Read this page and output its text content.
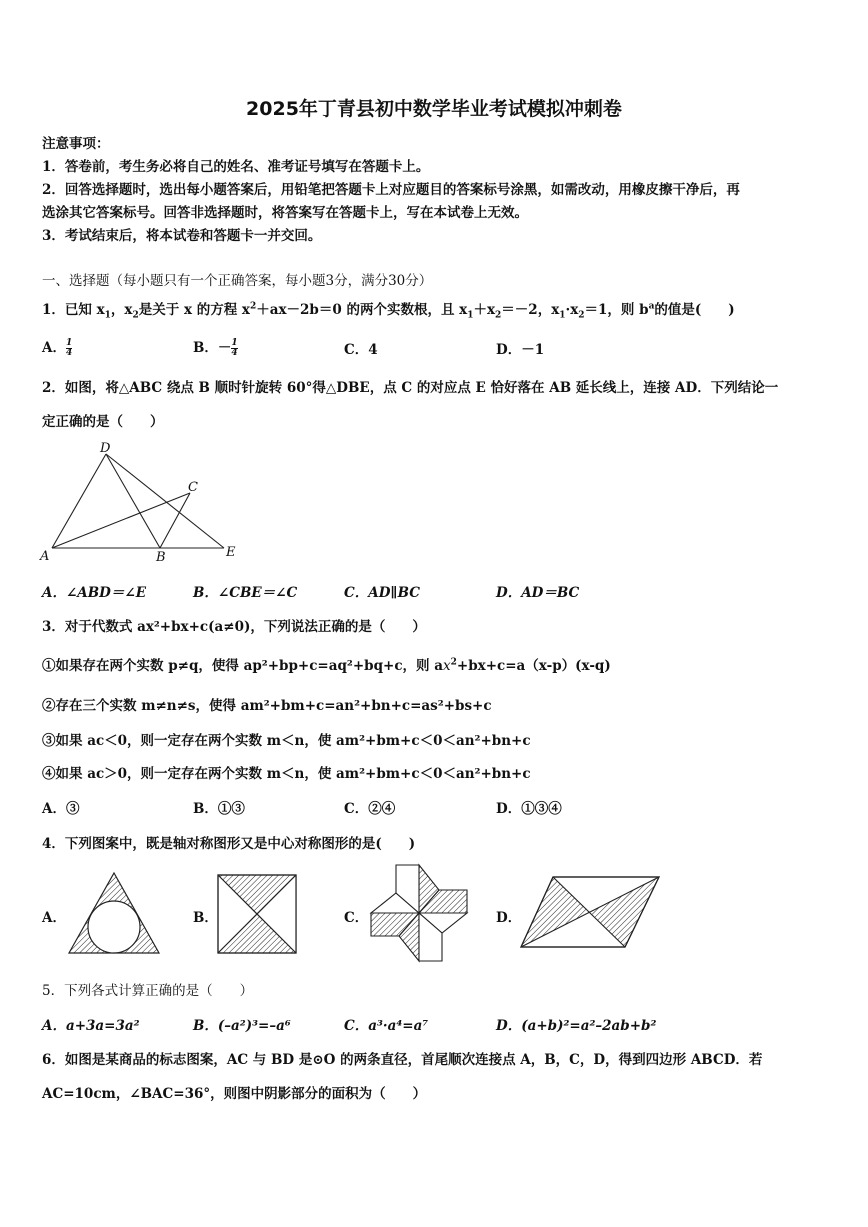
2025年丁青县初中数学毕业考试模拟冲刺卷
注意事项：
1．答卷前，考生务必将自己的姓名、准考证号填写在答题卡上。
2．回答选择题时，选出每小题答案后，用铅笔把答题卡上对应题目的答案标号涂黑，如需改动，用橡皮擦干净后，再
选涂其它答案标号。回答非选择题时，将答案写在答题卡上，写在本试卷上无效。
3．考试结束后，将本试卷和答题卡一并交回。
一、选择题（每小题只有一个正确答案，每小题3分，满分30分）
1．已知 $x_1$，$x_2$是关于 x 的方程 $x^2+ax-2b=0$ 的两个实数根，且 $x_1+x_2=-2$，$x_1\cdot x_2=1$，则 $b^a$的值是(　　)
A． $\frac{1}{4}$	B．－ $\frac{1}{4}$	C．4	D．－1
2．如图，将△ABC 绕点 B 顺时针旋转 60°得△DBE，点 C 的对应点 E 恰好落在 AB 延长线上，连接 AD．下列结论一
定正确的是（　　）
D
C
A	B	E
A．∠ABD＝∠E	B．∠CBE＝∠C	C．AD∥BC	D．AD＝BC
3．对于代数式 ax²+bx+c(a≠0)，下列说法正确的是（　　）
①如果存在两个实数 p≠q，使得 ap²+bp+c=aq²+bq+c，则 $ax^2+bx+c=a(x-p)(x-q)$
②存在三个实数 m≠n≠s，使得 am²+bm+c=an²+bn+c=as²+bs+c
③如果 ac＜0，则一定存在两个实数 m＜n，使 am²+bm+c＜0＜an²+bn+c
④如果 ac＞0，则一定存在两个实数 m＜n，使 am²+bm+c＜0＜an²+bn+c
A．③	B．①③	C．②④	D．①③④
4．下列图案中，既是轴对称图形又是中心对称图形的是(　　)
A．	B．	C．	D．
5．下列各式计算正确的是（　　）
A．a+3a=3a²	B．(–a²)³=–a⁶	C．a³·a⁴=a⁷	D．(a+b)²=a²–2ab+b²
6．如图是某商品的标志图案，AC 与 BD 是⊙O 的两条直径，首尾顺次连接点 A，B，C，D，得到四边形 ABCD．若
AC=10cm，∠BAC=36°，则图中阴影部分的面积为（　　）
